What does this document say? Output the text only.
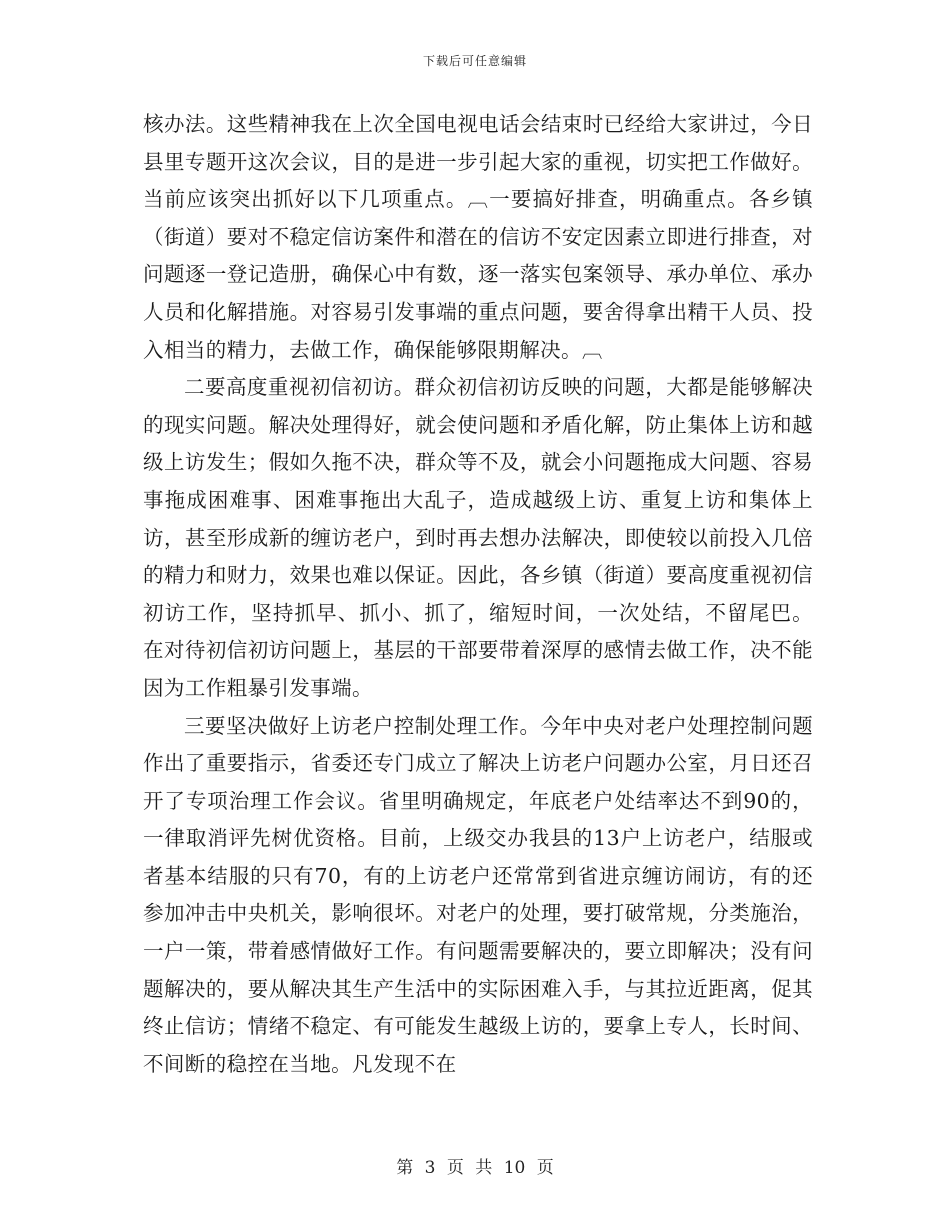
下载后可任意编辑

核办法。这些精神我在上次全国电视电话会结束时已经给大家讲过，今日县里专题开这次会议，目的是进一步引起大家的重视，切实把工作做好。当前应该突出抓好以下几项重点。︹一要搞好排查，明确重点。各乡镇（街道）要对不稳定信访案件和潜在的信访不安定因素立即进行排查，对问题逐一登记造册，确保心中有数，逐一落实包案领导、承办单位、承办人员和化解措施。对容易引发事端的重点问题，要舍得拿出精干人员、投入相当的精力，去做工作，确保能够限期解决。︹

二要高度重视初信初访。群众初信初访反映的问题，大都是能够解决的现实问题。解决处理得好，就会使问题和矛盾化解，防止集体上访和越级上访发生；假如久拖不决，群众等不及，就会小问题拖成大问题、容易事拖成困难事、困难事拖出大乱子，造成越级上访、重复上访和集体上访，甚至形成新的缠访老户，到时再去想办法解决，即使较以前投入几倍的精力和财力，效果也难以保证。因此，各乡镇（街道）要高度重视初信初访工作，坚持抓早、抓小、抓了，缩短时间，一次处结，不留尾巴。 在对待初信初访问题上，基层的干部要带着深厚的感情去做工作，决不能因为工作粗暴引发事端。

三要坚决做好上访老户控制处理工作。今年中央对老户处理控制问题作出了重要指示，省委还专门成立了解决上访老户问题办公室，月日还召开了专项治理工作会议。省里明确规定，年底老户处结率达不到90的，一律取消评先树优资格。目前，上级交办我县的13户上访老户，结服或者基本结服的只有70，有的上访老户还常常到省进京缠访闹访，有的还参加冲击中央机关，影响很坏。对老户的处理，要打破常规，分类施治，一户一策，带着感情做好工作。有问题需要解决的，要立即解决；没有问题解决的，要从解决其生产生活中的实际困难入手，与其拉近距离，促其终止信访；情绪不稳定、有可能发生越级上访的，要拿上专人，长时间、不间断的稳控在当地。凡发现不在

第 3 页 共 10 页
